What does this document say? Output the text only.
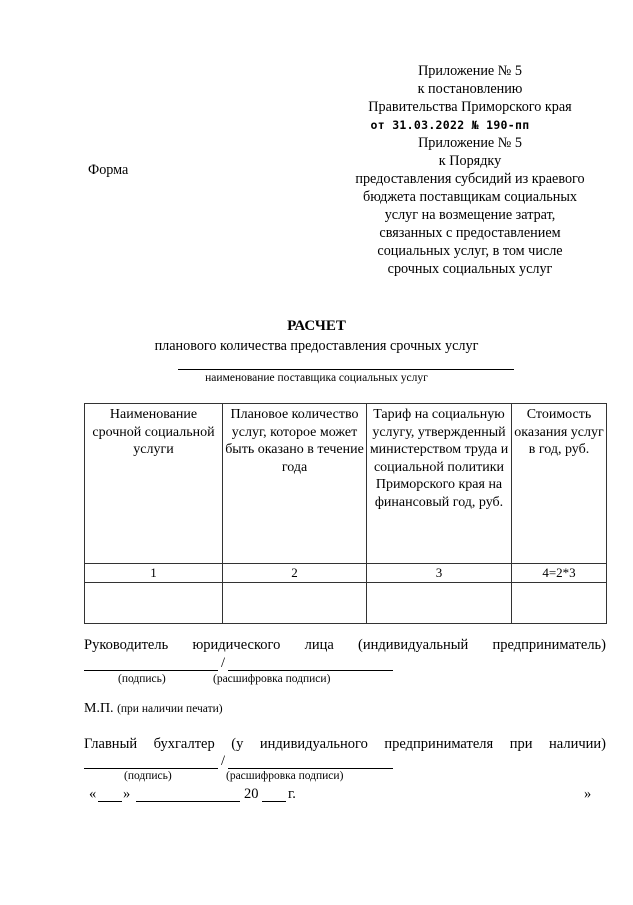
Приложение № 5
к постановлению
Правительства Приморского края
от 31.03.2022 № 190-пп
Приложение № 5
к Порядку
предоставления субсидий из краевого
бюджета поставщикам социальных
услуг на возмещение затрат,
связанных с предоставлением
социальных услуг, в том числе
срочных социальных услуг
Форма
РАСЧЕТ
планового количества предоставления срочных услуг
наименование поставщика социальных услуг
Наименование срочной социальной услуги	Плановое количество услуг, которое может быть оказано в течение года	Тариф на социальную услугу, утвержденный министерством труда и социальной политики Приморского края на финансовый год, руб.	Стоимость оказания услуг в год, руб.
1	2	3	4=2*3

Руководитель юридического лица (индивидуальный предприниматель)
/
(подпись)	(расшифровка подписи)
М.П. (при наличии печати)
Главный бухгалтер (у индивидуального предпринимателя при наличии)
/
(подпись)	(расшифровка подписи)
« »	20 г.	»
